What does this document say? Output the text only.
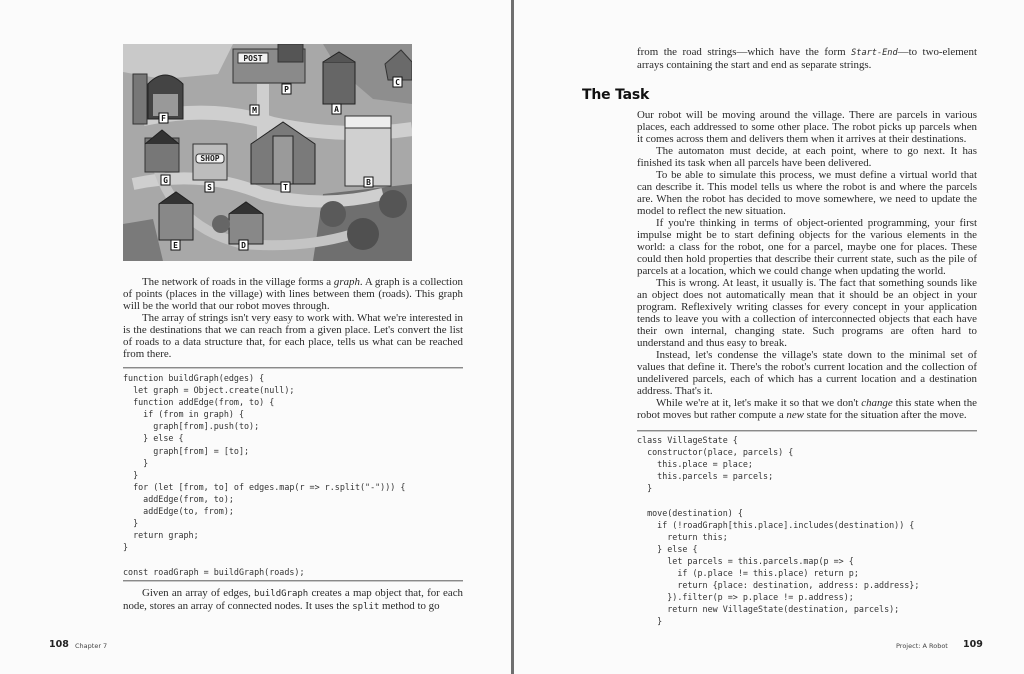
POST
SHOP
P
C
F
M	A
G
S	T
B
E	D

The network of roads in the village forms a graph. A graph is a collection of points (places in the village) with lines between them (roads). This graph will be the world that our robot moves through.

The array of strings isn't very easy to work with. What we're interested in is the destinations that we can reach from a given place. Let's convert the list of roads to a data structure that, for each place, tells us what can be reached from there.

function buildGraph(edges) {
let graph = Object.create(null);
function addEdge(from, to) {
if (from in graph) {
graph[from].push(to);
} else {
graph[from] = [to];
}
}
for (let [from, to] of edges.map(r => r.split("-"))) {
addEdge(from, to);
addEdge(to, from);
}
return graph;
}

const roadGraph = buildGraph(roads);

Given an array of edges, buildGraph creates a map object that, for each node, stores an array of connected nodes. It uses the split method to go

108 Chapter 7

from the road strings—which have the form Start-End—to two-element arrays containing the start and end as separate strings.

The Task

Our robot will be moving around the village. There are parcels in various places, each addressed to some other place. The robot picks up parcels when it comes across them and delivers them when it arrives at their destinations.

The automaton must decide, at each point, where to go next. It has finished its task when all parcels have been delivered.

To be able to simulate this process, we must define a virtual world that can describe it. This model tells us where the robot is and where the parcels are. When the robot has decided to move somewhere, we need to update the model to reflect the new situation.

If you're thinking in terms of object-oriented programming, your first impulse might be to start defining objects for the various elements in the world: a class for the robot, one for a parcel, maybe one for places. These could then hold properties that describe their current state, such as the pile of parcels at a location, which we could change when updating the world.

This is wrong. At least, it usually is. The fact that something sounds like an object does not automatically mean that it should be an object in your program. Reflexively writing classes for every concept in your application tends to leave you with a collection of interconnected objects that each have their own internal, changing state. Such programs are often hard to understand and thus easy to break.

Instead, let's condense the village's state down to the minimal set of values that define it. There's the robot's current location and the collection of undelivered parcels, each of which has a current location and a destination address. That's it.

While we're at it, let's make it so that we don't change this state when the robot moves but rather compute a new state for the situation after the move.

class VillageState {
constructor(place, parcels) {
this.place = place;
this.parcels = parcels;
}

move(destination) {
if (!roadGraph[this.place].includes(destination)) {
return this;
} else {
let parcels = this.parcels.map(p => {
if (p.place != this.place) return p;
return {place: destination, address: p.address};
}).filter(p => p.place != p.address);
return new VillageState(destination, parcels);
}
Project: A Robot 109
